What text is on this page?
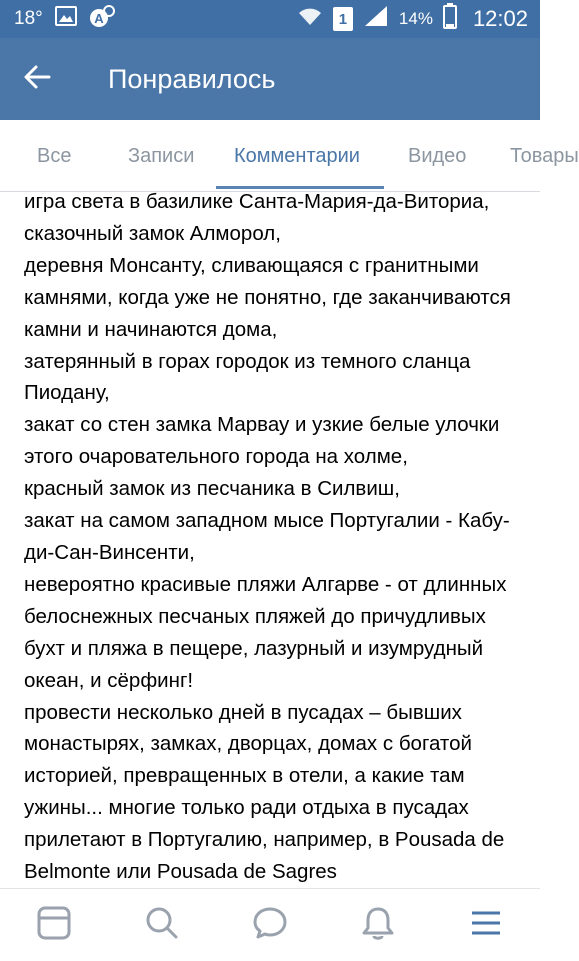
18°	A	1	14% 12:02
Понравилось
Все	Записи Комментарии Видео Товары
игра света в базилике Санта-Мария-да-Виториа,
сказочный замок Алморол,
деревня Монсанту, сливающаяся с гранитными камнями, когда уже не понятно, где заканчиваются камни и начинаются дома,
затерянный в горах городок из темного сланца Пиодану,
закат со стен замка Марвау и узкие белые улочки этого очаровательного города на холме,
красный замок из песчаника в Силвиш,
закат на самом западном мысе Португалии - Кабу-ди-Сан-Винсенти,
невероятно красивые пляжи Алгарве - от длинных белоснежных песчаных пляжей до причудливых бухт и пляжа в пещере, лазурный и изумрудный океан, и сёрфинг!
провести несколько дней в пусадах – бывших монастырях, замках, дворцах, домах с богатой историей, превращенных в отели, а какие там ужины... многие только ради отдыха в пусадах прилетают в Португалию, например, в Pousada de Belmonte или Pousada de Sagres
